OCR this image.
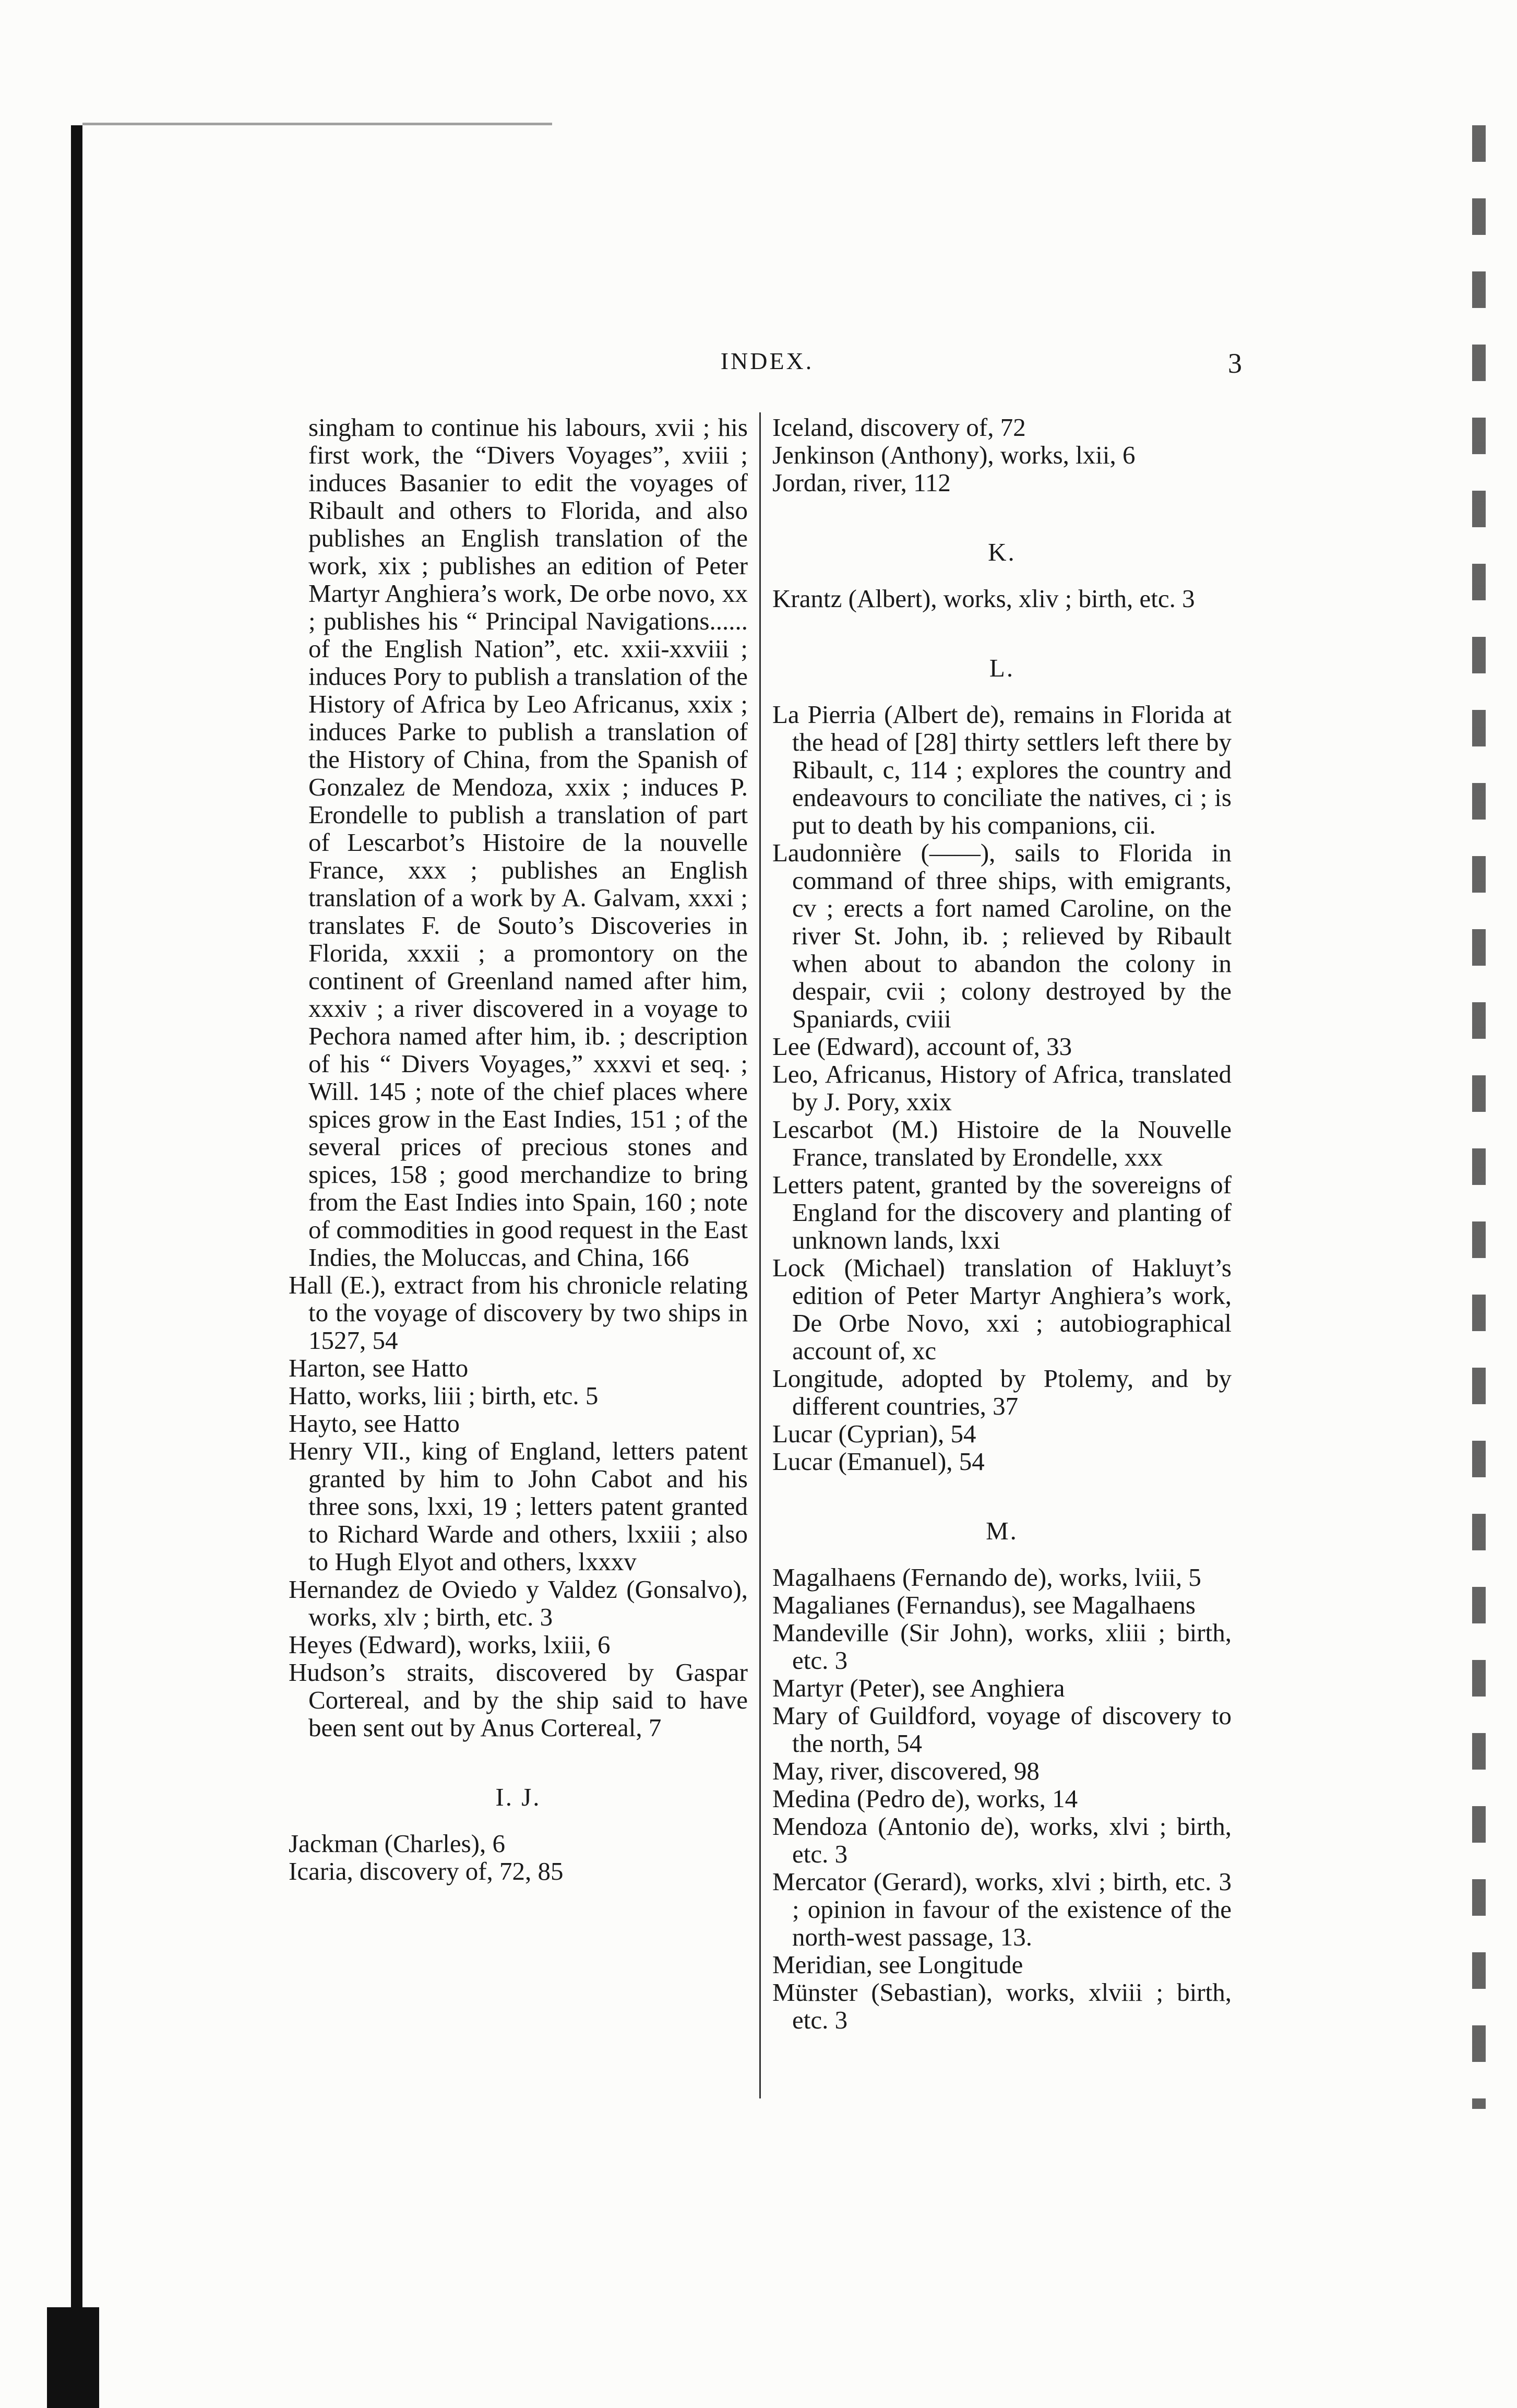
INDEX.	3
singham to continue his labours, xvii ; his first work, the “Divers Voyages”, xviii ; induces Basanier to edit the voyages of Ribault and others to Florida, and also publishes an English translation of the work, xix ; publishes an edition of Peter Martyr Anghiera’s work, De orbe novo, xx ; publishes his “ Principal Navigations...... of the English Nation”, etc. xxii-xxviii ; induces Pory to publish a translation of the History of Africa by Leo Africanus, xxix ; induces Parke to publish a translation of the History of China, from the Spanish of Gonzalez de Mendoza, xxix ; induces P. Erondelle to publish a translation of part of Lescarbot’s Histoire de la nouvelle France, xxx ; publishes an English translation of a work by A. Galvam, xxxi ; translates F. de Souto’s Discoveries in Florida, xxxii ; a promontory on the continent of Greenland named after him, xxxiv ; a river discovered in a voyage to Pechora named after him, ib. ; description of his “ Divers Voyages,” xxxvi et seq. ; Will. 145 ; note of the chief places where spices grow in the East Indies, 151 ; of the several prices of precious stones and spices, 158 ; good merchandize to bring from the East Indies into Spain, 160 ; note of commodities in good request in the East Indies, the Moluccas, and China, 166
Hall (E.), extract from his chronicle relating to the voyage of discovery by two ships in 1527, 54
Harton, see Hatto
Hatto, works, liii ; birth, etc. 5
Hayto, see Hatto
Henry VII., king of England, letters patent granted by him to John Cabot and his three sons, lxxi, 19 ; letters patent granted to Richard Warde and others, lxxiii ; also to Hugh Elyot and others, lxxxv
Hernandez de Oviedo y Valdez (Gonsalvo), works, xlv ; birth, etc. 3
Heyes (Edward), works, lxiii, 6
Hudson’s straits, discovered by Gaspar Cortereal, and by the ship said to have been sent out by Anus Cortereal, 7
I. J.
Jackman (Charles), 6
Icaria, discovery of, 72, 85
Iceland, discovery of, 72
Jenkinson (Anthony), works, lxii, 6
Jordan, river, 112
K.
Krantz (Albert), works, xliv ; birth, etc. 3
L.
La Pierria (Albert de), remains in Florida at the head of [28] thirty settlers left there by Ribault, c, 114 ; explores the country and endeavours to conciliate the natives, ci ; is put to death by his companions, cii.
Laudonnière (——), sails to Florida in command of three ships, with emigrants, cv ; erects a fort named Caroline, on the river St. John, ib. ; relieved by Ribault when about to abandon the colony in despair, cvii ; colony destroyed by the Spaniards, cviii
Lee (Edward), account of, 33
Leo, Africanus, History of Africa, translated by J. Pory, xxix
Lescarbot (M.) Histoire de la Nouvelle France, translated by Erondelle, xxx
Letters patent, granted by the sovereigns of England for the discovery and planting of unknown lands, lxxi
Lock (Michael) translation of Hakluyt’s edition of Peter Martyr Anghiera’s work, De Orbe Novo, xxi ; autobiographical account of, xc
Longitude, adopted by Ptolemy, and by different countries, 37
Lucar (Cyprian), 54
Lucar (Emanuel), 54
M.
Magalhaens (Fernando de), works, lviii, 5
Magalianes (Fernandus), see Magalhaens
Mandeville (Sir John), works, xliii ; birth, etc. 3
Martyr (Peter), see Anghiera
Mary of Guildford, voyage of discovery to the north, 54
May, river, discovered, 98
Medina (Pedro de), works, 14
Mendoza (Antonio de), works, xlvi ; birth, etc. 3
Mercator (Gerard), works, xlvi ; birth, etc. 3 ; opinion in favour of the existence of the north-west passage, 13.
Meridian, see Longitude
Münster (Sebastian), works, xlviii ; birth, etc. 3
